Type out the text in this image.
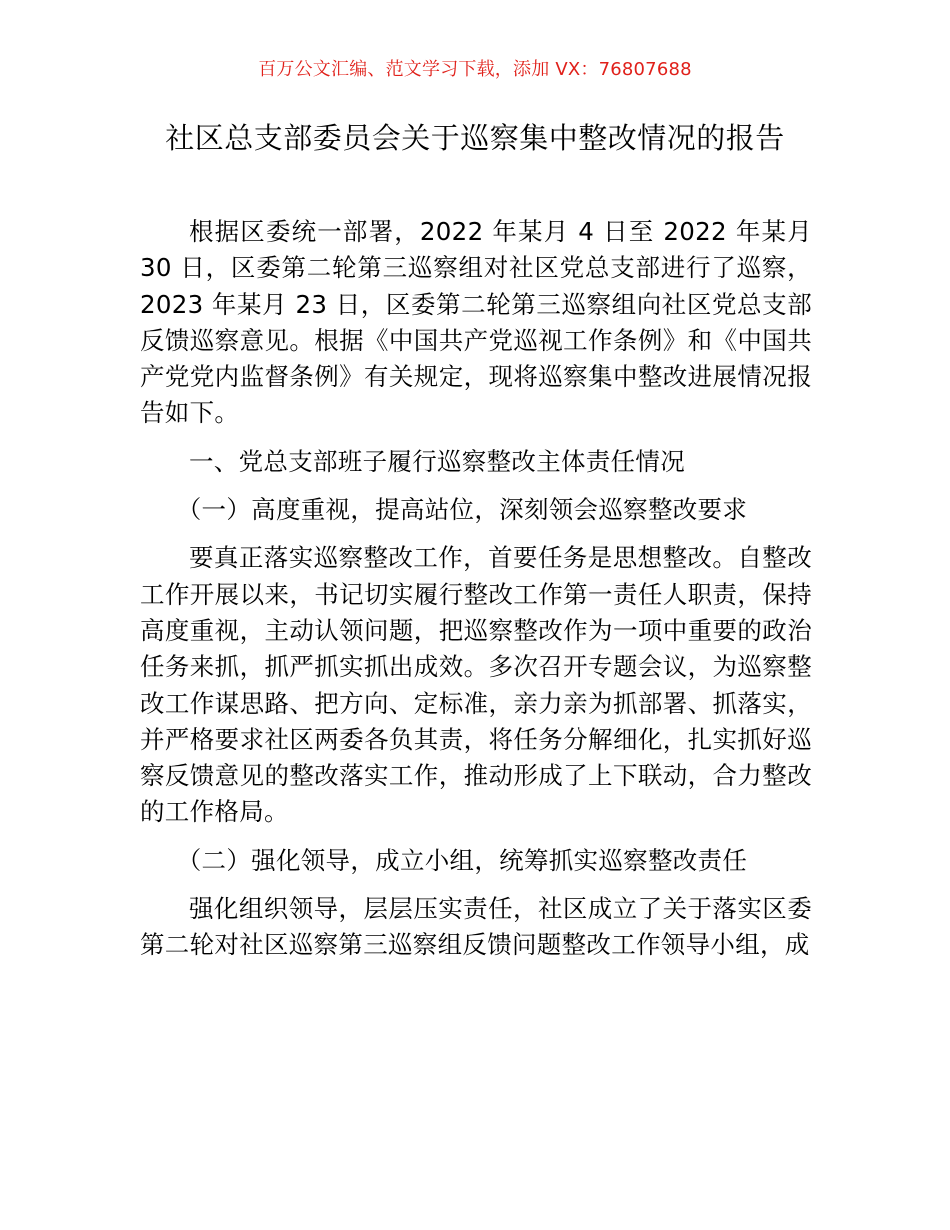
百万公文汇编、范文学习下载，添加 VX：76807688
社区总支部委员会关于巡察集中整改情况的报告

根据区委统一部署，2022 年某月 4 日至 2022 年某月 30 日，区委第二轮第三巡察组对社区党总支部进行了巡察，2023 年某月 23 日，区委第二轮第三巡察组向社区党总支部反馈巡察意见。根据《中国共产党巡视工作条例》和《中国共产党党内监督条例》有关规定，现将巡察集中整改进展情况报告如下。

一、党总支部班子履行巡察整改主体责任情况

（一）高度重视，提高站位，深刻领会巡察整改要求

要真正落实巡察整改工作，首要任务是思想整改。自整改工作开展以来，书记切实履行整改工作第一责任人职责，保持高度重视，主动认领问题，把巡察整改作为一项中重要的政治任务来抓，抓严抓实抓出成效。多次召开专题会议，为巡察整改工作谋思路、把方向、定标准，亲力亲为抓部署、抓落实，并严格要求社区两委各负其责，将任务分解细化，扎实抓好巡察反馈意见的整改落实工作，推动形成了上下联动，合力整改的工作格局。

（二）强化领导，成立小组，统筹抓实巡察整改责任

强化组织领导，层层压实责任，社区成立了关于落实区委第二轮对社区巡察第三巡察组反馈问题整改工作领导小组，成
